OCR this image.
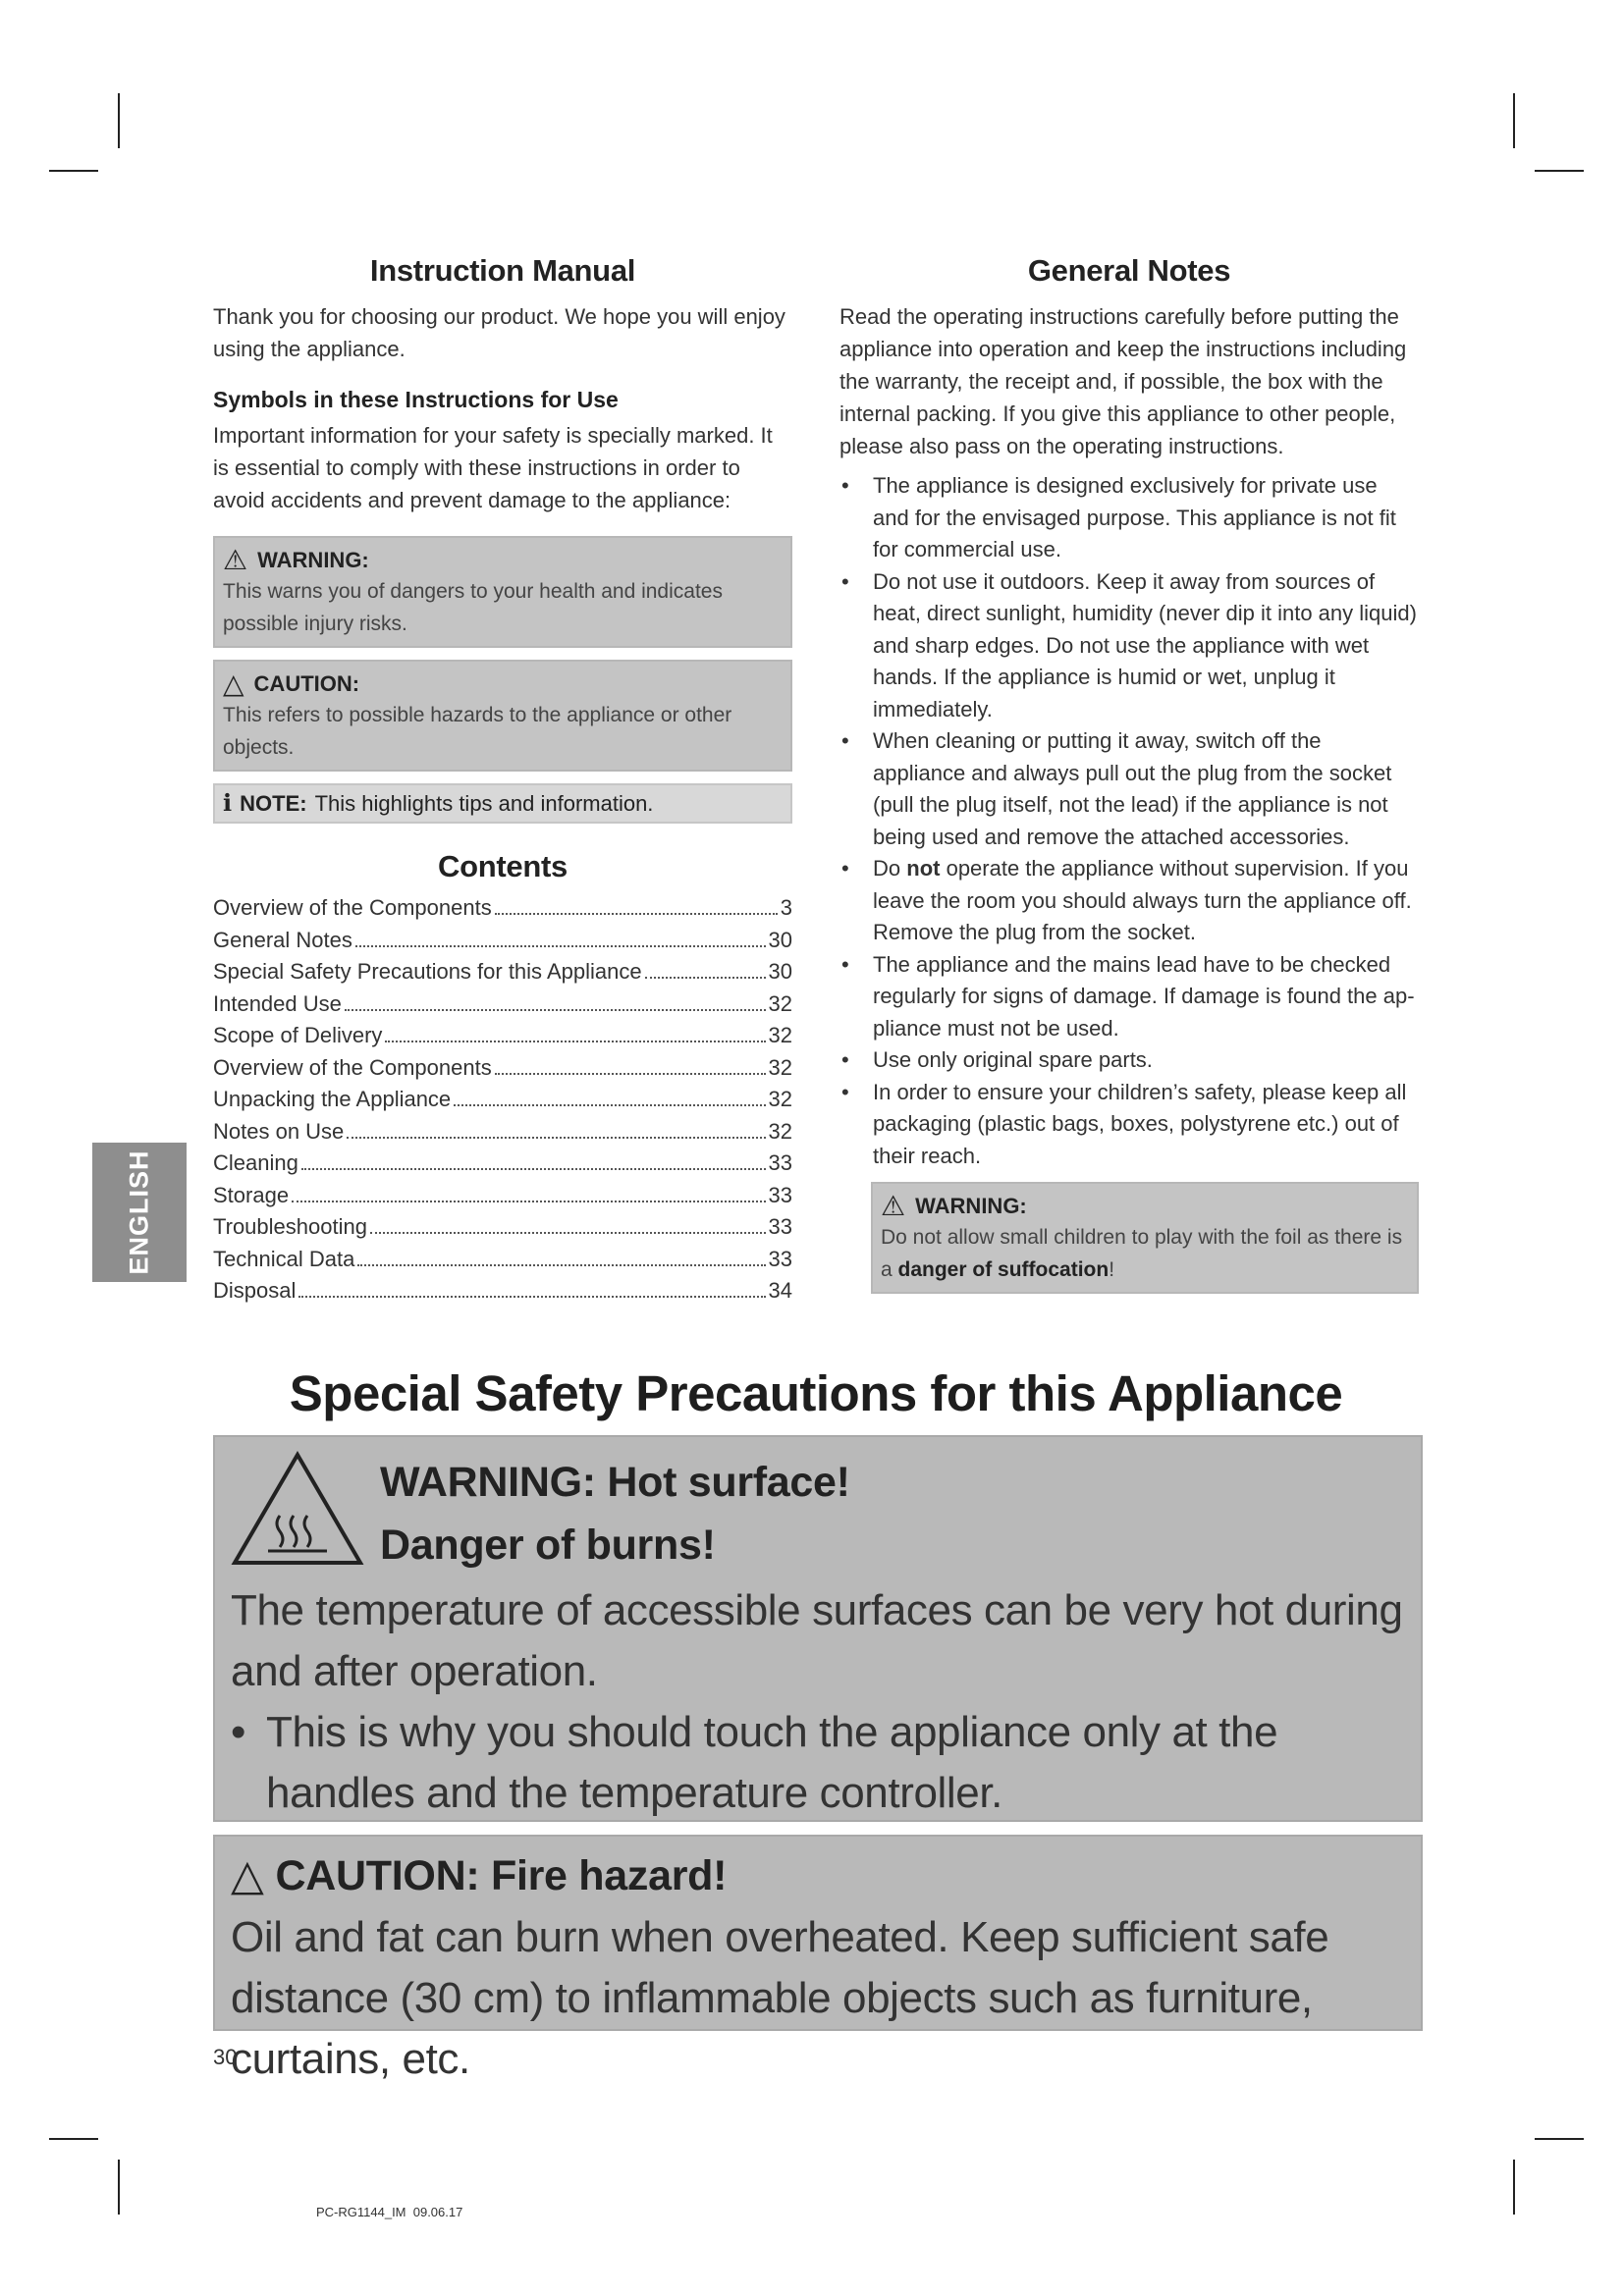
ENGLISH
Instruction Manual

Thank you for choosing our product. We hope you will enjoy using the appliance.

Symbols in these Instructions for Use

Important information for your safety is specially marked. It is essential to comply with these instructions in order to avoid accidents and prevent damage to the appliance:

⚠ WARNING:
This warns you of dangers to your health and indicates possible injury risks.
△ CAUTION:
This refers to possible hazards to the appliance or other objects.
ℹ NOTE: This highlights tips and information.
Contents
Overview of the Components	3
General Notes	30
Special Safety Precautions for this Appliance	30
Intended Use	32
Scope of Delivery	32
Overview of the Components	32
Unpacking the Appliance	32
Notes on Use	32
Cleaning	33
Storage	33
Troubleshooting	33
Technical Data	33
Disposal	34
General Notes

Read the operating instructions carefully before putting the appliance into operation and keep the instructions including the warranty, the receipt and, if possible, the box with the internal packing. If you give this appliance to other people, please also pass on the operating instructions.

• The appliance is designed exclusively for private use and for the envisaged purpose. This appliance is not fit for commercial use.
• Do not use it outdoors. Keep it away from sources of heat, direct sunlight, humidity (never dip it into any liquid) and sharp edges. Do not use the appliance with wet hands. If the appliance is humid or wet, unplug it immediately.
• When cleaning or putting it away, switch off the appliance and always pull out the plug from the socket (pull the plug itself, not the lead) if the appliance is not being used and remove the attached accessories.
• Do not operate the appliance without supervision. If you leave the room you should always turn the appliance off. Remove the plug from the socket.
• The appliance and the mains lead have to be checked regularly for signs of damage. If damage is found the ap-pliance must not be used.
• Use only original spare parts.
• In order to ensure your children’s safety, please keep all packaging (plastic bags, boxes, polystyrene etc.) out of their reach.
⚠ WARNING:
Do not allow small children to play with the foil as there is a danger of suffocation!
Special Safety Precautions for this Appliance
WARNING: Hot surface!
Danger of burns!
The temperature of accessible surfaces can be very hot during and after operation.
• This is why you should touch the appliance only at the handles and the temperature controller.
△ CAUTION: Fire hazard!
Oil and fat can burn when overheated. Keep sufficient safe distance (30 cm) to inflammable objects such as furniture, curtains, etc.
30
PC-RG1144_IM  09.06.17
